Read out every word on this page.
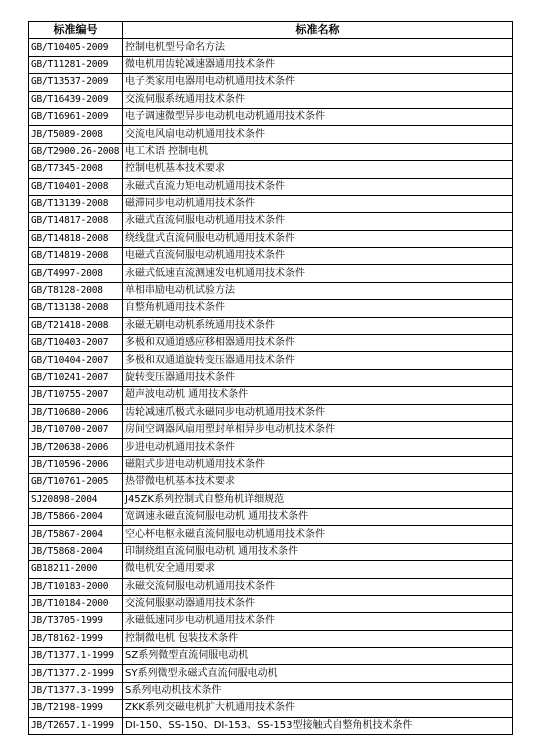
标准编号	标准名称
GB/T10405-2009	控制电机型号命名方法
GB/T11281-2009	微电机用齿轮减速器通用技术条件
GB/T13537-2009	电子类家用电器用电动机通用技术条件
GB/T16439-2009	交流伺服系统通用技术条件
GB/T16961-2009	电子调速微型异步电动机电动机通用技术条件
JB/T5089-2008	交流电风扇电动机通用技术条件
GB/T2900.26-2008	电工术语 控制电机
GB/T7345-2008	控制电机基本技术要求
GB/T10401-2008	永磁式直流力矩电动机通用技术条件
GB/T13139-2008	磁滞同步电动机通用技术条件
GB/T14817-2008	永磁式直流伺服电动机通用技术条件
GB/T14818-2008	绕线盘式直流伺服电动机通用技术条件
GB/T14819-2008	电磁式直流伺服电动机通用技术条件
GB/T4997-2008	永磁式低速直流测速发电机通用技术条件
GB/T8128-2008	单相串励电动机试验方法
GB/T13138-2008	自整角机通用技术条件
GB/T21418-2008	永磁无刷电动机系统通用技术条件
GB/T10403-2007	多极和双通道感应移相器通用技术条件
GB/T10404-2007	多极和双通道旋转变压器通用技术条件
GB/T10241-2007	旋转变压器通用技术条件
JB/T10755-2007	超声波电动机 通用技术条件
JB/T10680-2006	齿轮减速爪极式永磁同步电动机通用技术条件
JB/T10700-2007	房间空调器风扇用塑封单相异步电动机技术条件
JB/T20638-2006	步进电动机通用技术条件
JB/T10596-2006	磁阻式步进电动机通用技术条件
GB/T10761-2005	热带微电机基本技术要求
SJ20898-2004	J45ZK系列控制式自整角机详细规范
JB/T5866-2004	宽调速永磁直流伺服电动机 通用技术条件
JB/T5867-2004	空心杯电枢永磁直流伺服电动机通用技术条件
JB/T5868-2004	印制绕组直流伺服电动机 通用技术条件
GB18211-2000	微电机安全通用要求
JB/T10183-2000	永磁交流伺服电动机通用技术条件
JB/T10184-2000	交流伺服驱动器通用技术条件
JB/T3705-1999	永磁低速同步电动机通用技术条件
JB/T8162-1999	控制微电机 包装技术条件
JB/T1377.1-1999	SZ系列微型直流伺服电动机
JB/T1377.2-1999	SY系列微型永磁式直流伺服电动机
JB/T1377.3-1999	S系列电动机技术条件
JB/T2198-1999	ZKK系列交磁电机扩大机通用技术条件
JB/T2657.1-1999	DI-150、SS-150、DI-153、SS-153型接触式自整角机技术条件
